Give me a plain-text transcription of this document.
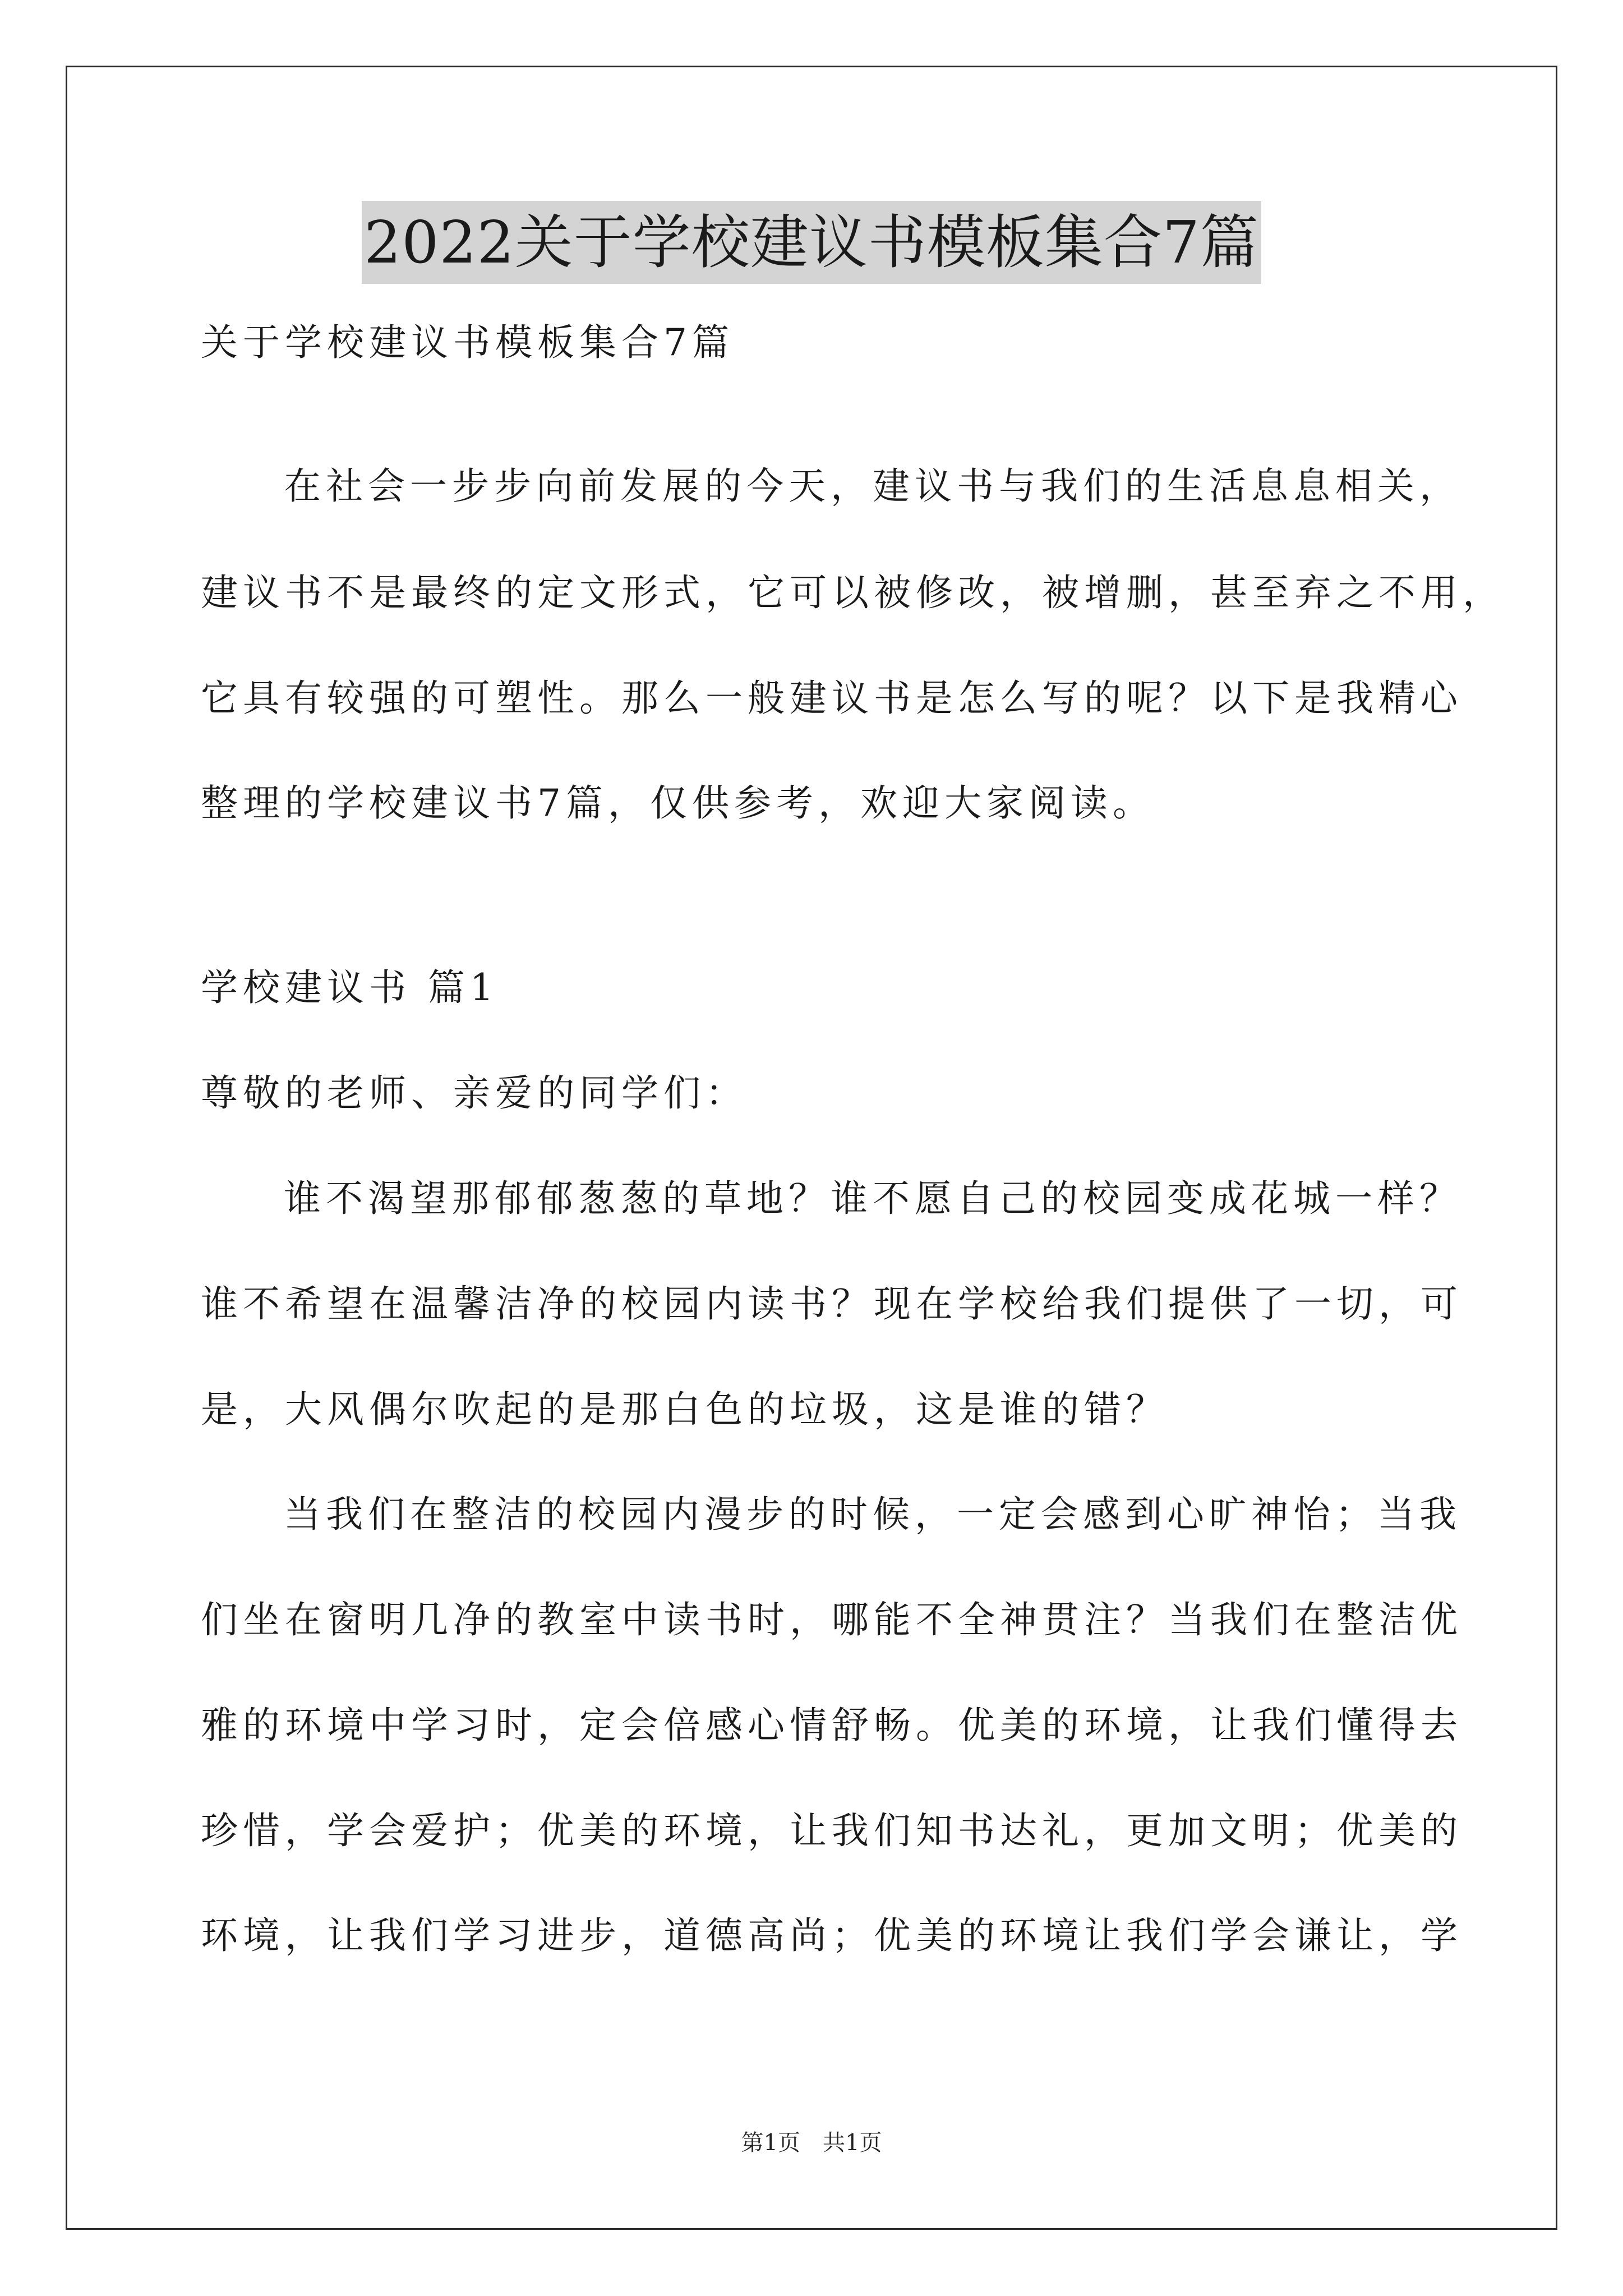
2022关于学校建议书模板集合7篇
关于学校建议书模板集合7篇
在社会一步步向前发展的今天，建议书与我们的生活息息相关，
建议书不是最终的定文形式，它可以被修改，被增删，甚至弃之不用，
它具有较强的可塑性。那么一般建议书是怎么写的呢？以下是我精心
整理的学校建议书7篇，仅供参考，欢迎大家阅读。
学校建议书 篇1
尊敬的老师、亲爱的同学们：
谁不渴望那郁郁葱葱的草地？谁不愿自己的校园变成花城一样？
谁不希望在温馨洁净的校园内读书？现在学校给我们提供了一切，可
是，大风偶尔吹起的是那白色的垃圾，这是谁的错？
当我们在整洁的校园内漫步的时候，一定会感到心旷神怡；当我
们坐在窗明几净的教室中读书时，哪能不全神贯注？当我们在整洁优
雅的环境中学习时，定会倍感心情舒畅。优美的环境，让我们懂得去
珍惜，学会爱护；优美的环境，让我们知书达礼，更加文明；优美的
环境，让我们学习进步，道德高尚；优美的环境让我们学会谦让，学
第1页　共1页
